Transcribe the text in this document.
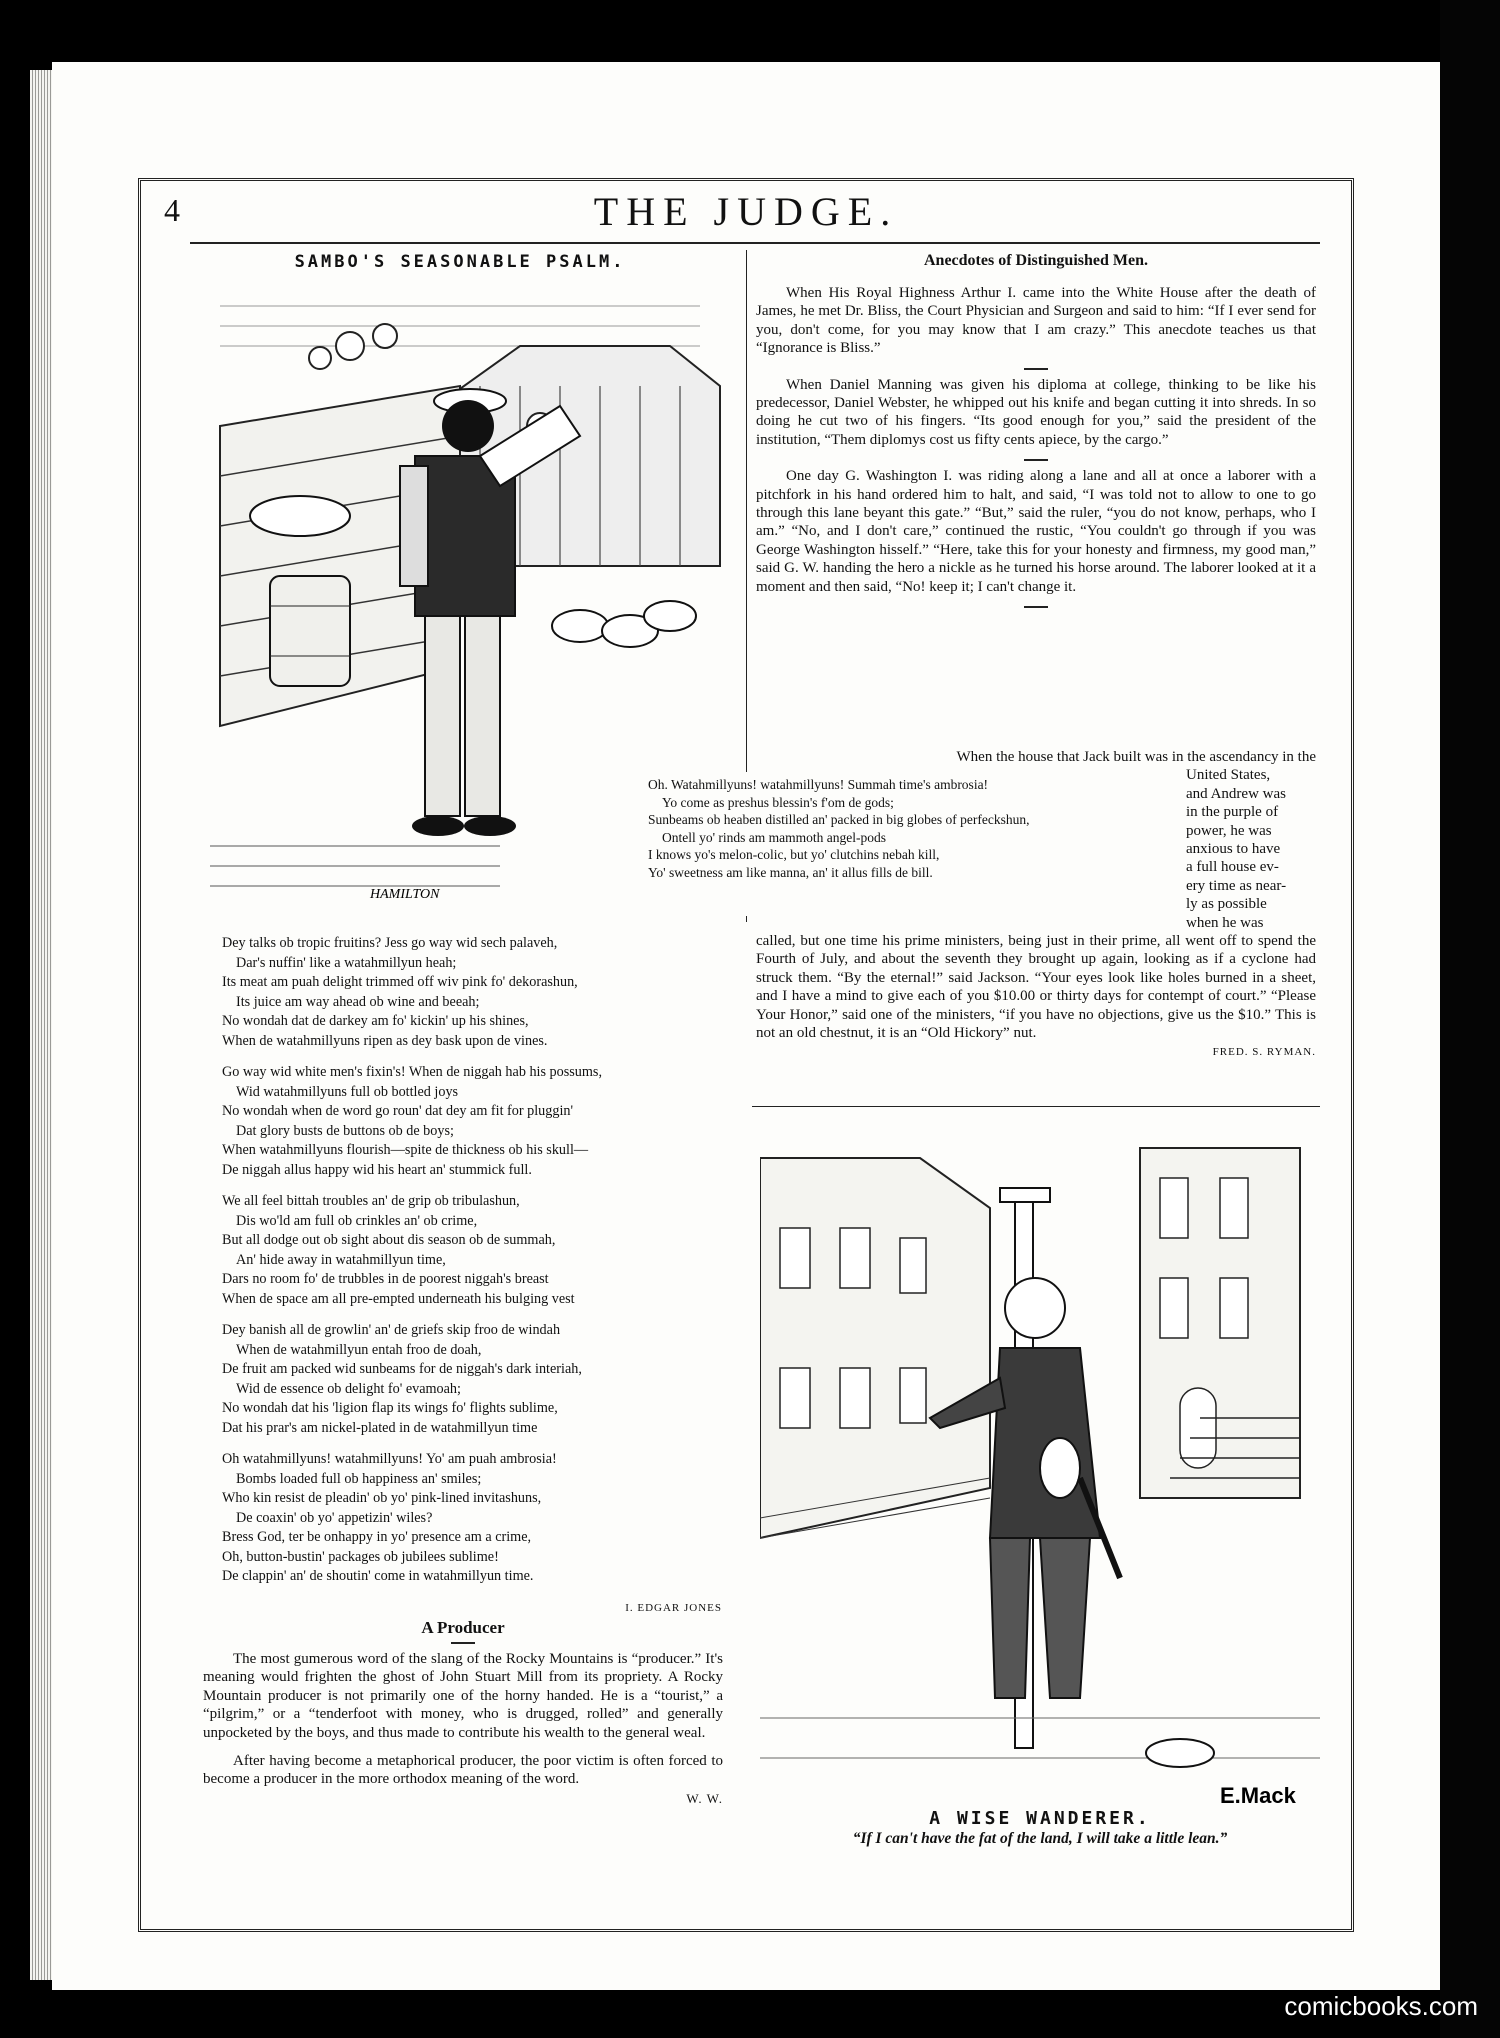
4	THE JUDGE.
SAMBO'S SEASONABLE PSALM.
HAMILTON
Oh. Watahmillyuns! watahmillyuns! Summah time's ambrosia!
Yo come as preshus blessin's f'om de gods;
Sunbeams ob heaben distilled an' packed in big globes of perfeckshun,
Ontell yo' rinds am mammoth angel-pods
I knows yo's melon-colic, but yo' clutchins nebah kill,
Yo' sweetness am like manna, an' it allus fills de bill.
Dey talks ob tropic fruitins? Jess go way wid sech palaveh,
Dar's nuffin' like a watahmillyun heah;
Its meat am puah delight trimmed off wiv pink fo' dekorashun,
Its juice am way ahead ob wine and beeah;
No wondah dat de darkey am fo' kickin' up his shines,
When de watahmillyuns ripen as dey bask upon de vines.
Go way wid white men's fixin's! When de niggah hab his possums,
Wid watahmillyuns full ob bottled joys
No wondah when de word go roun' dat dey am fit for pluggin'
Dat glory busts de buttons ob de boys;
When watahmillyuns flourish—spite de thickness ob his skull—
De niggah allus happy wid his heart an' stummick full.
We all feel bittah troubles an' de grip ob tribulashun,
Dis wo'ld am full ob crinkles an' ob crime,
But all dodge out ob sight about dis season ob de summah,
An' hide away in watahmillyun time,
Dars no room fo' de trubbles in de poorest niggah's breast
When de space am all pre-empted underneath his bulging vest
Dey banish all de growlin' an' de griefs skip froo de windah
When de watahmillyun entah froo de doah,
De fruit am packed wid sunbeams for de niggah's dark interiah,
Wid de essence ob delight fo' evamoah;
No wondah dat his 'ligion flap its wings fo' flights sublime,
Dat his prar's am nickel-plated in de watahmillyun time
Oh watahmillyuns! watahmillyuns! Yo' am puah ambrosia!
Bombs loaded full ob happiness an' smiles;
Who kin resist de pleadin' ob yo' pink-lined invitashuns,
De coaxin' ob yo' appetizin' wiles?
Bress God, ter be onhappy in yo' presence am a crime,
Oh, button-bustin' packages ob jubilees sublime!
De clappin' an' de shoutin' come in watahmillyun time.
I. EDGAR JONES
A Producer

The most gumerous word of the slang of the Rocky Mountains is “producer.” It's meaning would frighten the ghost of John Stuart Mill from its propriety. A Rocky Mountain producer is not primarily one of the horny handed. He is a “tourist,” a “pilgrim,” or a “tenderfoot with money, who is drugged, rolled” and generally unpocketed by the boys, and thus made to contribute his wealth to the general weal.

After having become a metaphorical producer, the poor victim is often forced to become a producer in the more orthodox meaning of the word.

W. W.
Anecdotes of Distinguished Men.

When His Royal Highness Arthur I. came into the White House after the death of James, he met Dr. Bliss, the Court Physician and Surgeon and said to him: “If I ever send for you, don't come, for you may know that I am crazy.” This anecdote teaches us that “Ignorance is Bliss.”

When Daniel Manning was given his diploma at college, thinking to be like his predecessor, Daniel Webster, he whipped out his knife and began cutting it into shreds. In so doing he cut two of his fingers. “Its good enough for you,” said the president of the institution, “Them diplomys cost us fifty cents apiece, by the cargo.”

One day G. Washington I. was riding along a lane and all at once a laborer with a pitchfork in his hand ordered him to halt, and said, “I was told not to allow to one to go through this lane beyant this gate.” “But,” said the ruler, “you do not know, perhaps, who I am.” “No, and I don't care,” continued the rustic, “You couldn't go through if you was George Washington hisself.” “Here, take this for your honesty and firmness, my good man,” said G. W. handing the hero a nickle as he turned his horse around. The laborer looked at it a moment and then said, “No! keep it; I can't change it.

When the house that Jack built was in the ascendancy in the
United States,
and Andrew was
in the purple of
power, he was
anxious to have
a full house ev-
ery time as near-
ly as possible
when he was
called, but one time his prime ministers, being just in their prime, all went off to spend the Fourth of July, and about the seventh they brought up again, looking as if a cyclone had struck them. “By the eternal!” said Jackson. “Your eyes look like holes burned in a sheet, and I have a mind to give each of you $10.00 or thirty days for contempt of court.” “Please Your Honor,” said one of the ministers, “if you have no objections, give us the $10.” This is not an old chestnut, it is an “Old Hickory” nut.
FRED. S. RYMAN.
E.Mack
A WISE WANDERER.
“If I can't have the fat of the land, I will take a little lean.”
comicbooks.com
